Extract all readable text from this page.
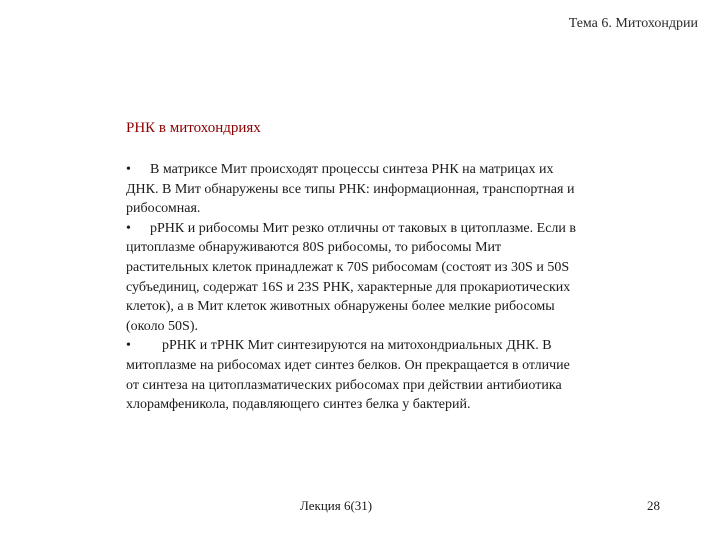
Тема 6. Митохондрии
РНК в митохондриях

• В матриксе Мит происходят процессы синтеза РНК на матрицах их ДНК. В Мит обнаружены все типы РНК: информационная, транспортная и рибосомная.

• рРНК и рибосомы Мит резко отличны от таковых в цитоплазме. Если в цитоплазме обнаруживаются 80S рибосомы, то рибосомы Мит растительных клеток принадлежат к 70S рибосомам (состоят из 30S и 50S субъединиц, содержат 16S и 23S РНК, характерные для прокариотических клеток), а в Мит клеток животных обнаружены более мелкие рибосомы (около 50S).

• рРНК и тРНК Мит синтезируются на митохондриальных ДНК. В митоплазме на рибосомах идет синтез белков. Он прекращается в отличие от синтеза на цитоплазматических рибосомах при действии антибиотика хлорамфеникола, подавляющего синтез белка у бактерий.

Лекция 6(31)	28
